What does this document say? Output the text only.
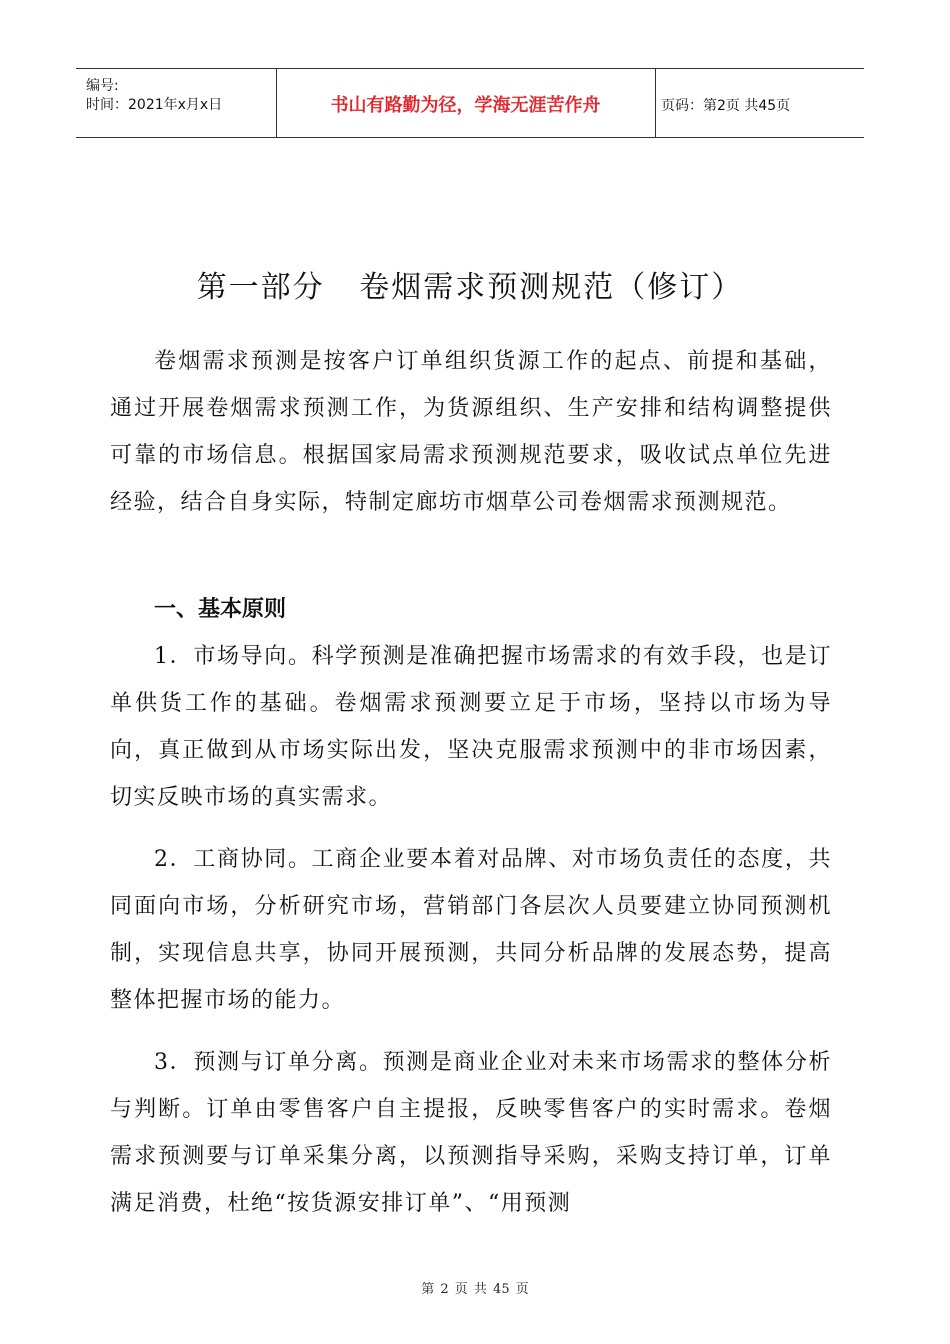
编号:
时间：2021年x月x日	书山有路勤为径，学海无涯苦作舟	页码：第2页 共45页
第一部分   卷烟需求预测规范（修订）
卷烟需求预测是按客户订单组织货源工作的起点、前提和基础，通过开展卷烟需求预测工作，为货源组织、生产安排和结构调整提供可靠的市场信息。根据国家局需求预测规范要求，吸收试点单位先进经验，结合自身实际，特制定廊坊市烟草公司卷烟需求预测规范。
一、基本原则
1．市场导向。科学预测是准确把握市场需求的有效手段，也是订单供货工作的基础。卷烟需求预测要立足于市场，坚持以市场为导向，真正做到从市场实际出发，坚决克服需求预测中的非市场因素，切实反映市场的真实需求。
2．工商协同。工商企业要本着对品牌、对市场负责任的态度，共同面向市场，分析研究市场，营销部门各层次人员要建立协同预测机制，实现信息共享，协同开展预测，共同分析品牌的发展态势，提高整体把握市场的能力。
3．预测与订单分离。预测是商业企业对未来市场需求的整体分析与判断。订单由零售客户自主提报，反映零售客户的实时需求。卷烟需求预测要与订单采集分离，以预测指导采购，采购支持订单，订单满足消费，杜绝“按货源安排订单”、“用预测
第 2 页 共 45 页
